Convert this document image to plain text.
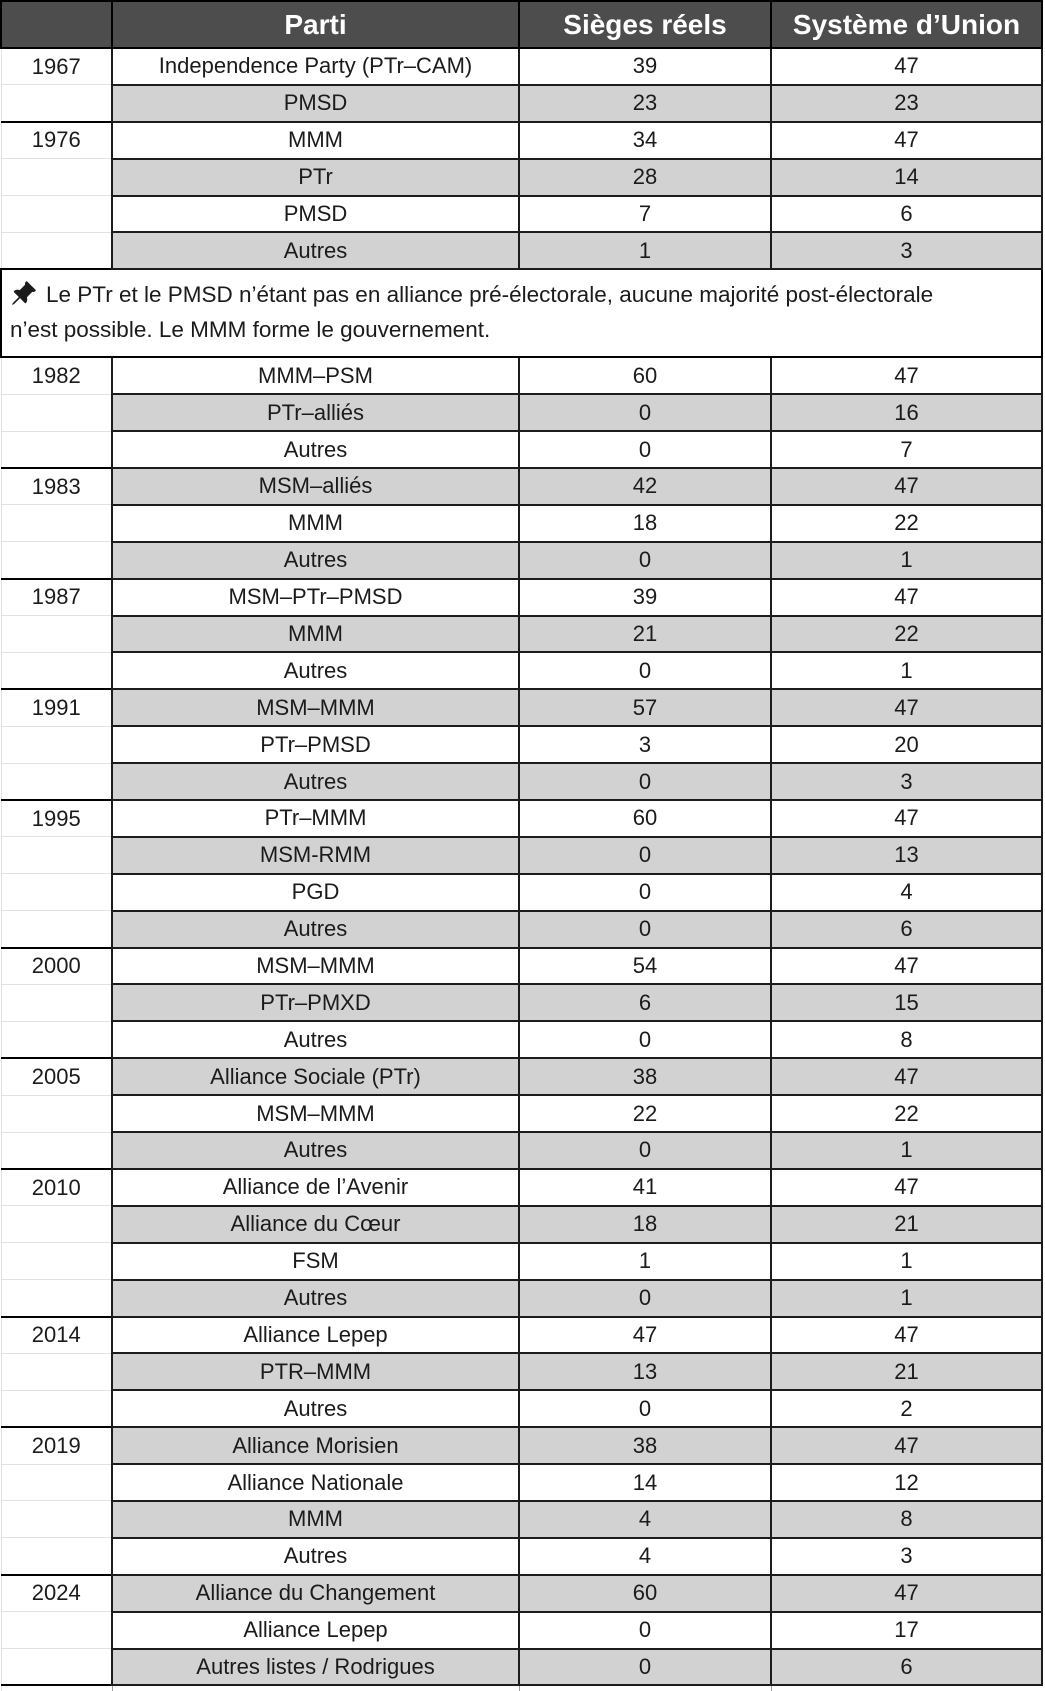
	Parti	Sièges réels	Système d’Union
1967	Independence Party (PTr–CAM)	39	47
	PMSD	23	23
1976	MMM	34	47
	PTr	28	14
	PMSD	7	6
	Autres	1	3
Le PTr et le PMSD n’étant pas en alliance pré-électorale, aucune majorité post-électorale n’est possible. Le MMM forme le gouvernement.			
1982	MMM–PSM	60	47
	PTr–alliés	0	16
	Autres	0	7
1983	MSM–alliés	42	47
	MMM	18	22
	Autres	0	1
1987	MSM–PTr–PMSD	39	47
	MMM	21	22
	Autres	0	1
1991	MSM–MMM	57	47
	PTr–PMSD	3	20
	Autres	0	3
1995	PTr–MMM	60	47
	MSM-RMM	0	13
	PGD	0	4
	Autres	0	6
2000	MSM–MMM	54	47
	PTr–PMXD	6	15
	Autres	0	8
2005	Alliance Sociale (PTr)	38	47
	MSM–MMM	22	22
	Autres	0	1
2010	Alliance de l’Avenir	41	47
	Alliance du Cœur	18	21
	FSM	1	1
	Autres	0	1
2014	Alliance Lepep	47	47
	PTR–MMM	13	21
	Autres	0	2
2019	Alliance Morisien	38	47
	Alliance Nationale	14	12
	MMM	4	8
	Autres	4	3
2024	Alliance du Changement	60	47
	Alliance Lepep	0	17
	Autres listes / Rodrigues	0	6
